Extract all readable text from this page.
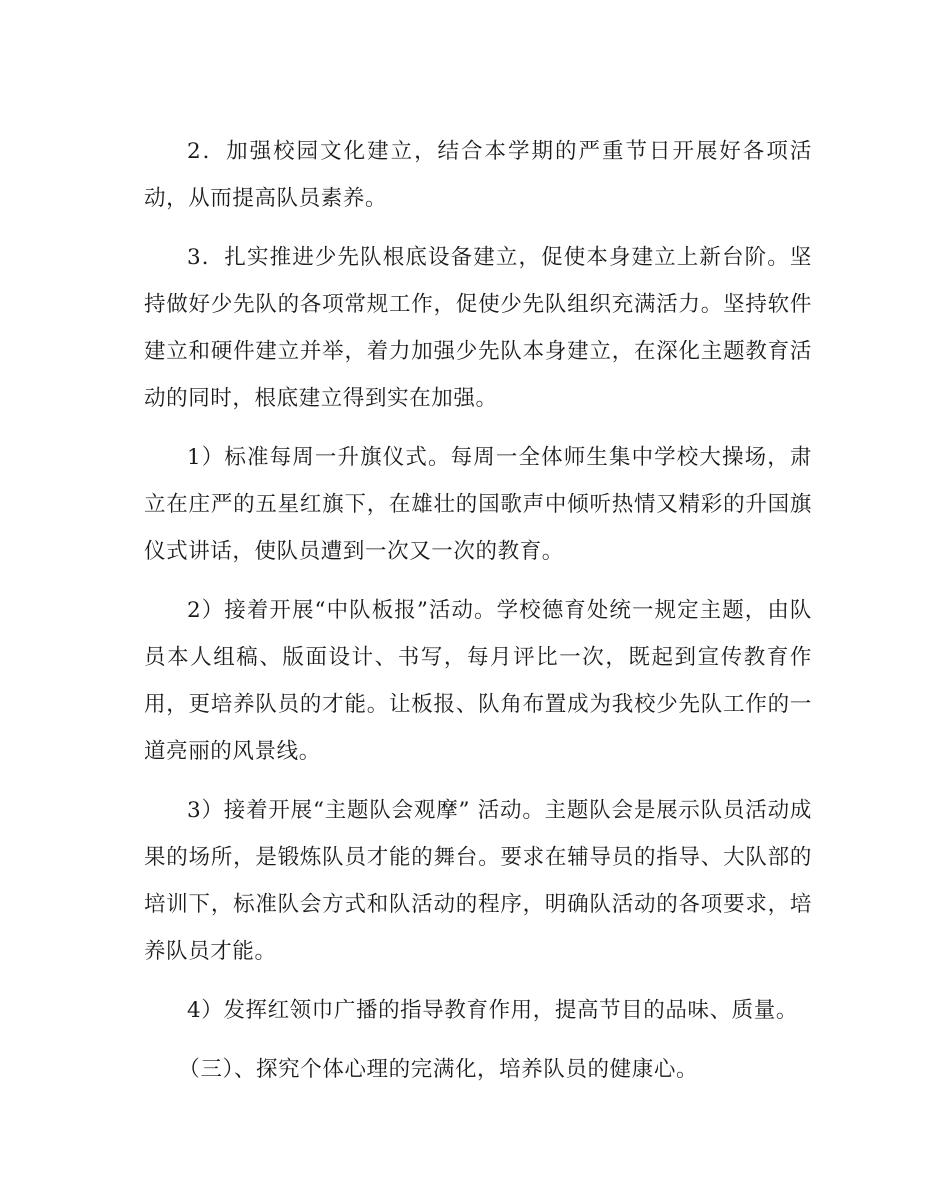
2．加强校园文化建立，结合本学期的严重节日开展好各项活动，从而提高队员素养。

3．扎实推进少先队根底设备建立，促使本身建立上新台阶。坚持做好少先队的各项常规工作，促使少先队组织充满活力。坚持软件建立和硬件建立并举，着力加强少先队本身建立，在深化主题教育活动的同时，根底建立得到实在加强。

1）标准每周一升旗仪式。每周一全体师生集中学校大操场，肃立在庄严的五星红旗下，在雄壮的国歌声中倾听热情又精彩的升国旗仪式讲话，使队员遭到一次又一次的教育。

2）接着开展“中队板报”活动。学校德育处统一规定主题，由队员本人组稿、版面设计、书写，每月评比一次，既起到宣传教育作用，更培养队员的才能。让板报、队角布置成为我校少先队工作的一道亮丽的风景线。

3）接着开展“主题队会观摩” 活动。主题队会是展示队员活动成果的场所，是锻炼队员才能的舞台。要求在辅导员的指导、大队部的培训下，标准队会方式和队活动的程序，明确队活动的各项要求，培养队员才能。

4）发挥红领巾广播的指导教育作用，提高节目的品味、质量。

（三）、探究个体心理的完满化，培养队员的健康心。
